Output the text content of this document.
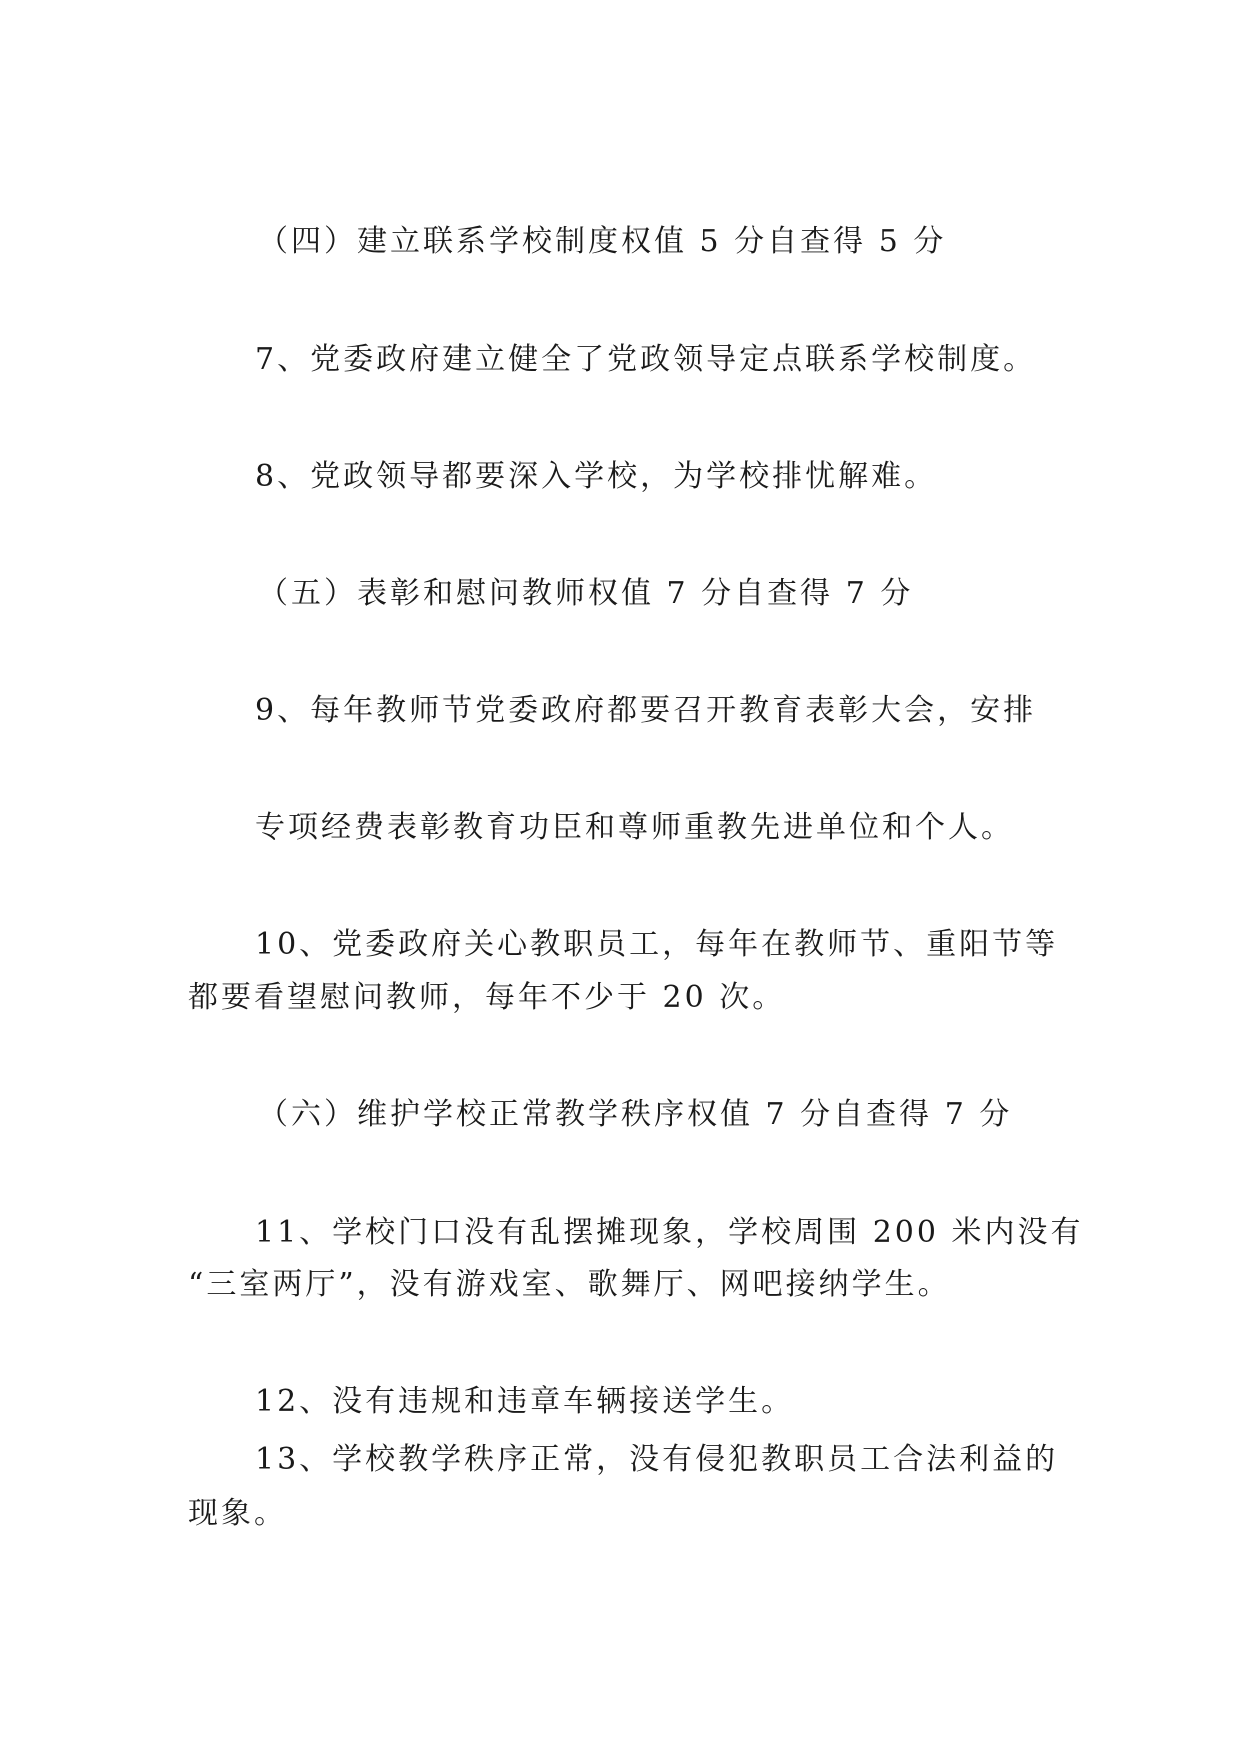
（四）建立联系学校制度权值 5 分自查得 5 分
7、党委政府建立健全了党政领导定点联系学校制度。
8、党政领导都要深入学校，为学校排忧解难。
（五）表彰和慰问教师权值 7 分自查得 7 分
9、每年教师节党委政府都要召开教育表彰大会，安排
专项经费表彰教育功臣和尊师重教先进单位和个人。
10、党委政府关心教职员工，每年在教师节、重阳节等
都要看望慰问教师，每年不少于 20 次。
（六）维护学校正常教学秩序权值 7 分自查得 7 分
11、学校门口没有乱摆摊现象，学校周围 200 米内没有
“三室两厅”，没有游戏室、歌舞厅、网吧接纳学生。
12、没有违规和违章车辆接送学生。
13、学校教学秩序正常，没有侵犯教职员工合法利益的
现象。
